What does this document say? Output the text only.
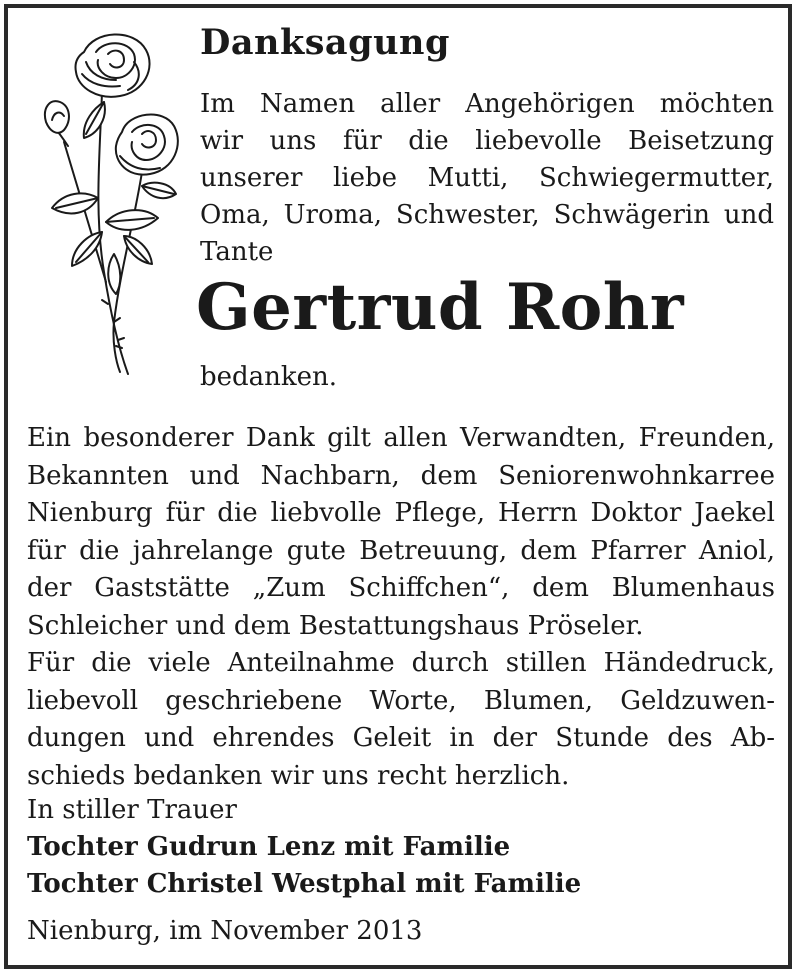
Danksagung
Im Namen aller Angehörigen möchten
wir uns für die liebevolle Beisetzung
unserer liebe Mutti, Schwiegermutter,
Oma, Uroma, Schwester, Schwägerin und
Tante
Gertrud Rohr
bedanken.
Ein besonderer Dank gilt allen Verwandten, Freunden,
Bekannten und Nachbarn, dem Seniorenwohnkarree
Nienburg für die liebvolle Pflege, Herrn Doktor Jaekel
für die jahrelange gute Betreuung, dem Pfarrer Aniol,
der Gaststätte „Zum Schiffchen“, dem Blumenhaus
Schleicher und dem Bestattungshaus Pröseler.
Für die viele Anteilnahme durch stillen Händedruck,
liebevoll geschriebene Worte, Blumen, Geldzuwen-
dungen und ehrendes Geleit in der Stunde des Ab-
schieds bedanken wir uns recht herzlich.
In stiller Trauer
Tochter Gudrun Lenz mit Familie
Tochter Christel Westphal mit Familie
Nienburg, im November 2013
